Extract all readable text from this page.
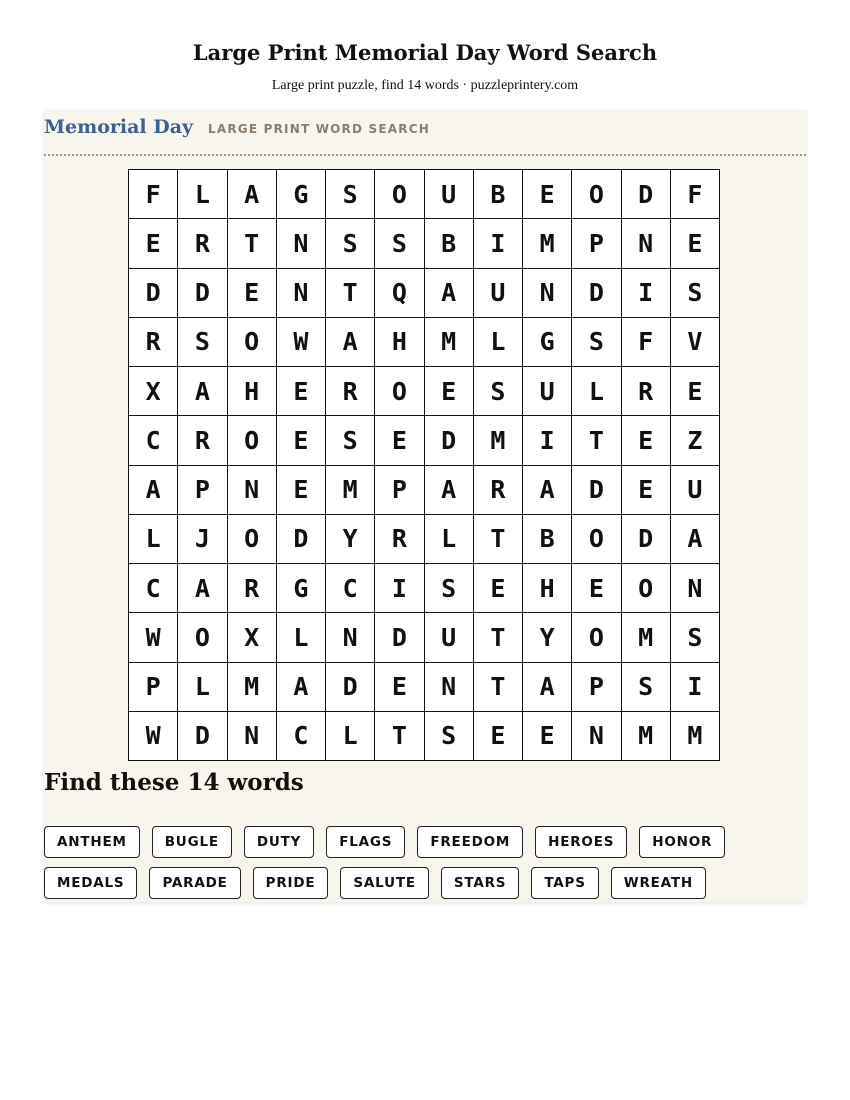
Large Print Memorial Day Word Search
Large print puzzle, find 14 words · puzzleprintery.com
Memorial Day LARGE PRINT WORD SEARCH
F	L	A	G	S	O	U	B	E	O	D	F
E	R	T	N	S	S	B	I	M	P	N	E
D	D	E	N	T	Q	A	U	N	D	I	S
R	S	O	W	A	H	M	L	G	S	F	V
X	A	H	E	R	O	E	S	U	L	R	E
C	R	O	E	S	E	D	M	I	T	E	Z
A	P	N	E	M	P	A	R	A	D	E	U
L	J	O	D	Y	R	L	T	B	O	D	A
C	A	R	G	C	I	S	E	H	E	O	N
W	O	X	L	N	D	U	T	Y	O	M	S
P	L	M	A	D	E	N	T	A	P	S	I
W	D	N	C	L	T	S	E	E	N	M	M
Find these 14 words
ANTHEM	BUGLE	DUTY	FLAGS	FREEDOM	HEROES	HONOR
MEDALS	PARADE	PRIDE	SALUTE	STARS	TAPS	WREATH
